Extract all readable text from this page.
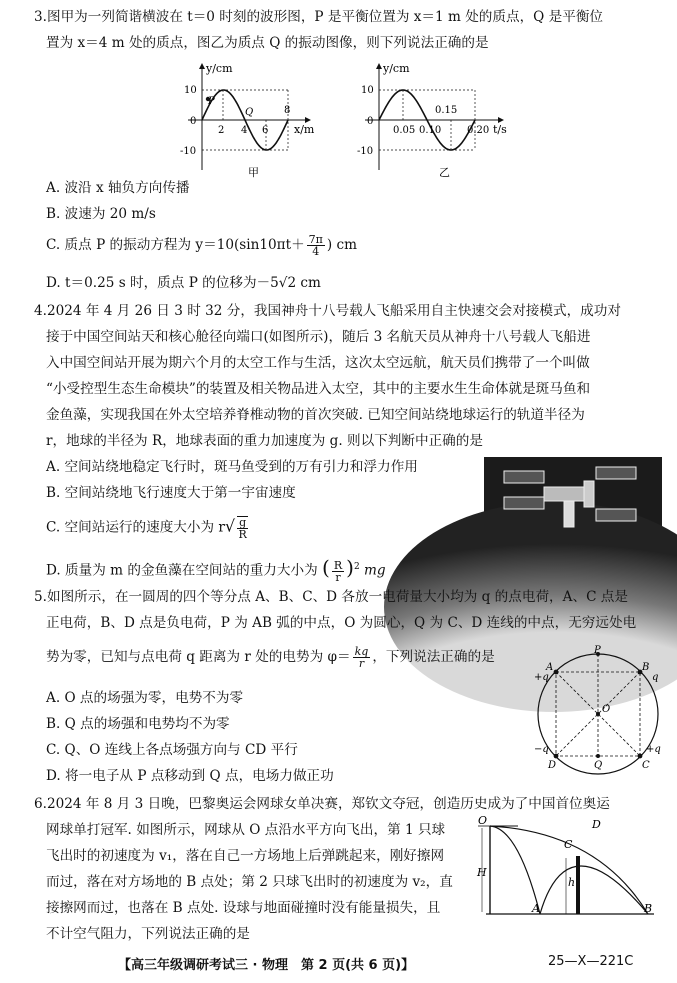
3.图甲为一列简谐横波在 t＝0 时刻的波形图，P 是平衡位置为 x＝1 m 处的质点，Q 是平衡位
置为 x＝4 m 处的质点，图乙为质点 Q 的振动图像，则下列说法正确的是
y/cm
x/m
10
0
-10
P
Q
2 4 6
8
甲
y/cm
t/s
10
0
-10
0.05 0.10
0.15
0.20
乙
A. 波沿 x 轴负方向传播
B. 波速为 20 m/s
C. 质点 P 的振动方程为 $y=10(\sin 10\pi t+ \frac{7\pi}{4}$ ) cm
D. t＝0.25 s 时，质点 P 的位移为－5√2 cm
4.2024 年 4 月 26 日 3 时 32 分，我国神舟十八号载人飞船采用自主快速交会对接模式，成功对
接于中国空间站天和核心舱径向端口(如图所示)，随后 3 名航天员从神舟十八号载人飞船进
入中国空间站开展为期六个月的太空工作与生活，这次太空远航，航天员们携带了一个叫做
“小受控型生态生命模块”的装置及相关物品进入太空，其中的主要水生生命体就是斑马鱼和
金鱼藻，实现我国在外太空培养脊椎动物的首次突破. 已知空间站绕地球运行的轨道半径为
r，地球的半径为 R，地球表面的重力加速度为 g. 则以下判断中正确的是
A. 空间站绕地稳定飞行时，斑马鱼受到的万有引力和浮力作用
B. 空间站绕地飞行速度大于第一宇宙速度
C. 空间站运行的速度大小为 $r√ \frac{g}{R}$
D. 质量为 m 的金鱼藻在空间站的重力大小为 ( $\frac{R}{r} )^2$ mg
5.如图所示，在一圆周的四个等分点 A、B、C、D 各放一电荷量大小均为 q 的点电荷，A、C 点是
正电荷，B、D 点是负电荷，P 为 AB 弧的中点，O 为圆心，Q 为 C、D 连线的中点，无穷远处电
势为零，已知与点电荷 q 距离为 r 处的电势为 $\varphi= \frac{kq}{r}$ ，下列说法正确的是
A. O 点的场强为零，电势不为零
B. Q 点的场强和电势均不为零
C. Q、O 连线上各点场强方向与 CD 平行
D. 将一电子从 P 点移动到 Q 点，电场力做正功
P
A	B
C
D
O
Q
+q	q
−q	+q
6.2024 年 8 月 3 日晚，巴黎奥运会网球女单决赛，郑钦文夺冠，创造历史成为了中国首位奥运
网球单打冠军. 如图所示，网球从 O 点沿水平方向飞出，第 1 只球
飞出时的初速度为 v₁，落在自己一方场地上后弹跳起来，刚好擦网
而过，落在对方场地的 B 点处；第 2 只球飞出时的初速度为 v₂，直
接擦网而过，也落在 B 点处. 设球与地面碰撞时没有能量损失，且
不计空气阻力，下列说法正确的是
O
C
D
H
h
A	B
【高三年级调研考试三 · 物理　第 2 页(共 6 页)】	25—X—221C
